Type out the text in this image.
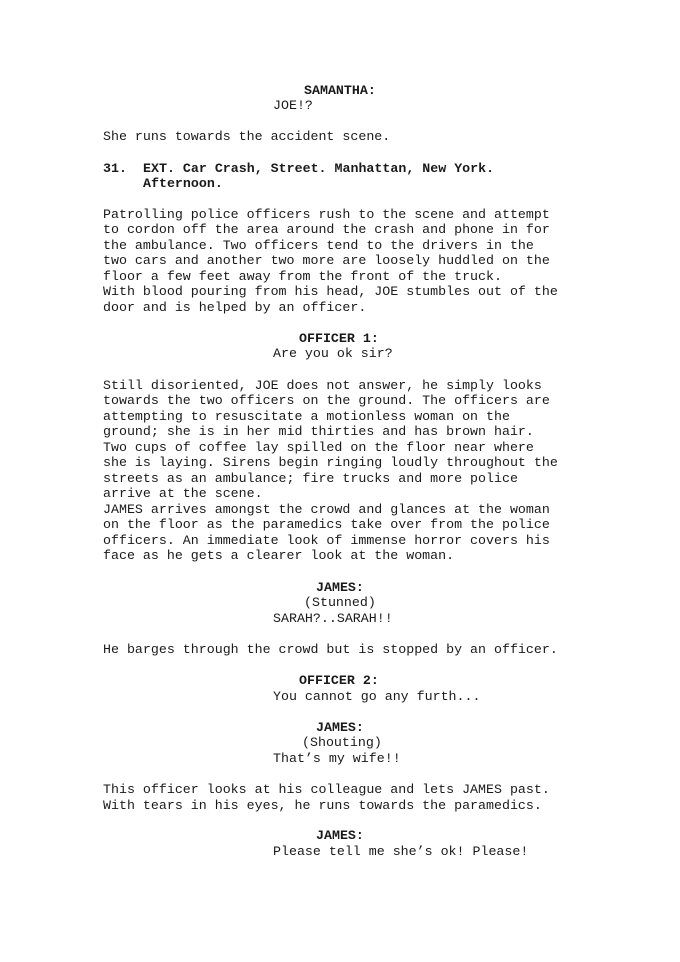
SAMANTHA:
JOE!?
She runs towards the accident scene.
31. EXT. Car Crash, Street. Manhattan, New York.
Afternoon.
Patrolling police officers rush to the scene and attempt
to cordon off the area around the crash and phone in for
the ambulance. Two officers tend to the drivers in the
two cars and another two more are loosely huddled on the
floor a few feet away from the front of the truck.
With blood pouring from his head, JOE stumbles out of the
door and is helped by an officer.
OFFICER 1:
Are you ok sir?
Still disoriented, JOE does not answer, he simply looks
towards the two officers on the ground. The officers are
attempting to resuscitate a motionless woman on the
ground; she is in her mid thirties and has brown hair.
Two cups of coffee lay spilled on the floor near where
she is laying. Sirens begin ringing loudly throughout the
streets as an ambulance; fire trucks and more police
arrive at the scene.
JAMES arrives amongst the crowd and glances at the woman
on the floor as the paramedics take over from the police
officers. An immediate look of immense horror covers his
face as he gets a clearer look at the woman.
JAMES:
(Stunned)
SARAH?..SARAH!!
He barges through the crowd but is stopped by an officer.
OFFICER 2:
You cannot go any furth...
JAMES:
(Shouting)
That’s my wife!!
This officer looks at his colleague and lets JAMES past.
With tears in his eyes, he runs towards the paramedics.
JAMES:
Please tell me she’s ok! Please!
